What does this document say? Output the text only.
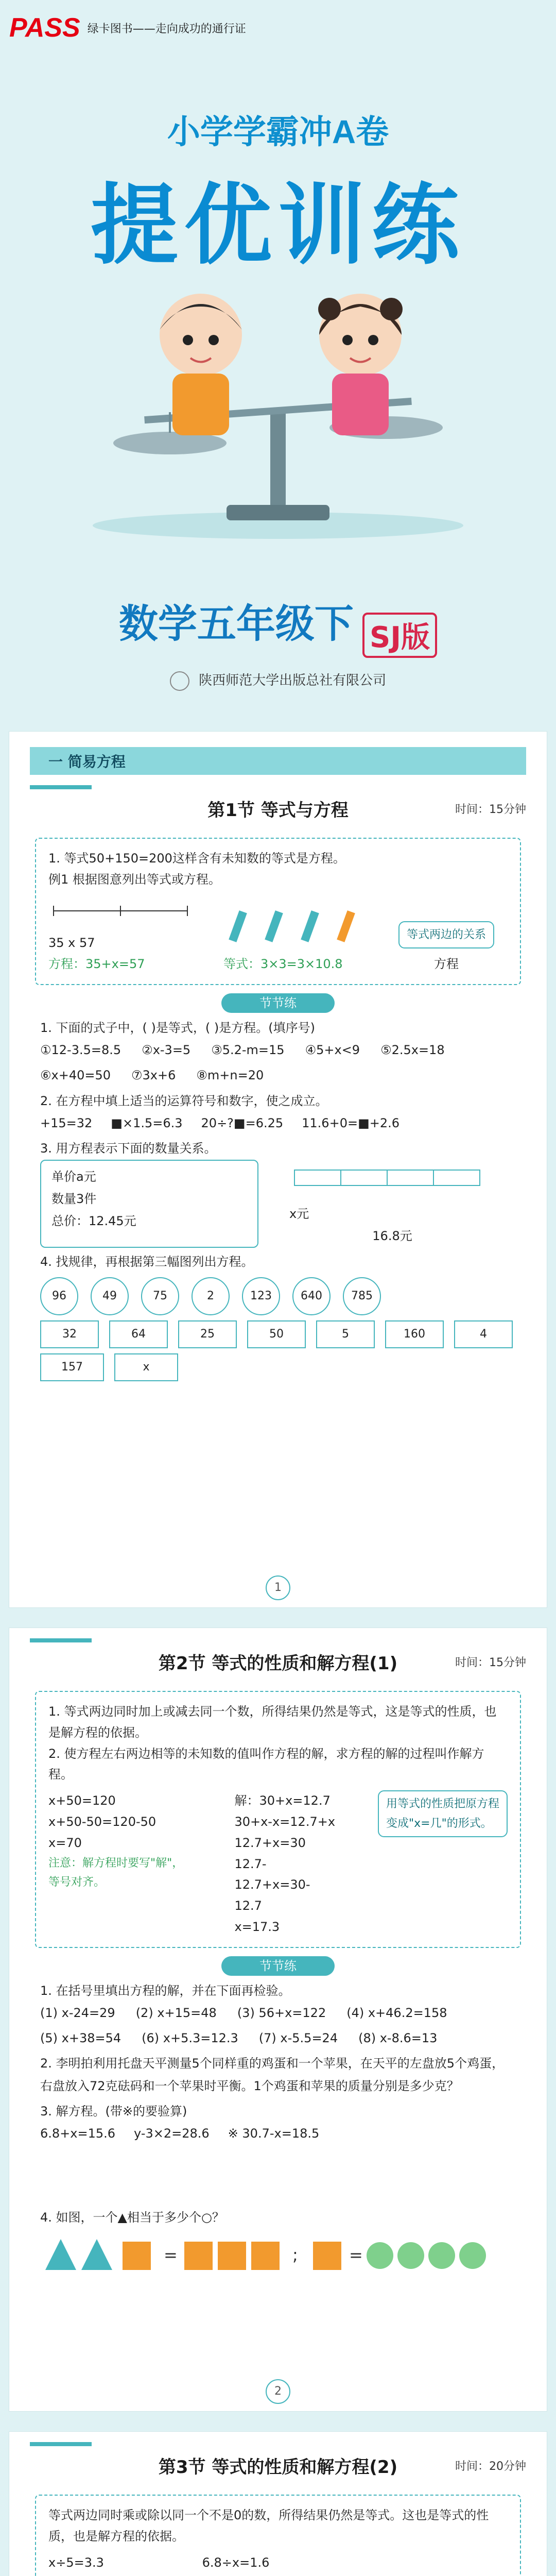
PASS 绿卡图书——走向成功的通行证
小学学霸冲A卷
提优训练
数学五年级下 SJ版
陕西师范大学出版总社有限公司
一 简易方程
第1节 等式与方程	时间：15分钟
1. 等式50+150=200这样含有未知数的等式是方程。
例1 根据图意列出等式或方程。
35 x 57
方程：35+x=57	等式：3×3=3×10.8
等式两边的关系
方程
节节练
1. 下面的式子中，( )是等式，( )是方程。(填序号)
①12-3.5=8.5 ②x-3=5 ③5.2-m=15 ④5+x<9 ⑤2.5x=18
⑥x+40=50 ⑦3x+6 ⑧m+n=20
2. 在方程中填上适当的运算符号和数字，使之成立。
+15=32 ■×1.5=6.3 20÷?■=6.25 11.6+0=■+2.6
3. 用方程表示下面的数量关系。
单价a元
数量3件
总价：12.45元
x元
16.8元
4. 找规律，再根据第三幅图列出方程。
96	49	75	2	123	640	785
32	64	25	50	5	160	4
157	x
1
第2节 等式的性质和解方程(1)	时间：15分钟
1. 等式两边同时加上或减去同一个数，所得结果仍然是等式，这是等式的性质，也是解方程的依据。
2. 使方程左右两边相等的未知数的值叫作方程的解，求方程的解的过程叫作解方程。
x+50=120
x+50-50=120-50
x=70
注意：解方程时要写"解"，等号对齐。
解：30+x=12.7
30+x-x=12.7+x
12.7+x=30
12.7-12.7+x=30-12.7
x=17.3
用等式的性质把原方程变成"x=几"的形式。
节节练
1. 在括号里填出方程的解，并在下面再检验。
(1) x-24=29 (2) x+15=48 (3) 56+x=122 (4) x+46.2=158
(5) x+38=54 (6) x+5.3=12.3 (7) x-5.5=24 (8) x-8.6=13
2. 李明拍利用托盘天平测量5个同样重的鸡蛋和一个苹果，在天平的左盘放5个鸡蛋，右盘放入72克砝码和一个苹果时平衡。1个鸡蛋和苹果的质量分别是多少克？
3. 解方程。(带※的要验算)
6.8+x=15.6 y-3×2=28.6 ※ 30.7-x=18.5
4. 如图，一个▲相当于多少个○？
=	;	=
2
第3节 等式的性质和解方程(2)	时间：20分钟
等式两边同时乘或除以同一个不是0的数，所得结果仍然是等式。这也是等式的性质，也是解方程的依据。
x÷5=3.3	6.8÷x=1.6
